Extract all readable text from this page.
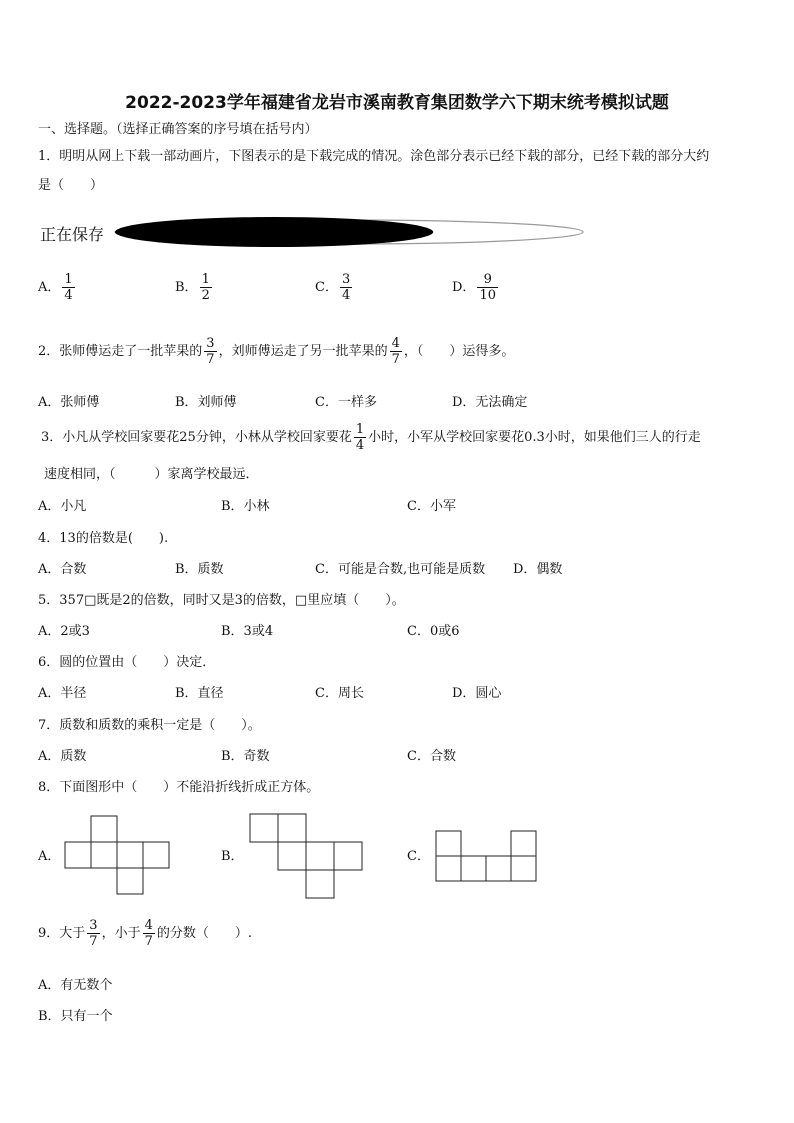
2022-2023学年福建省龙岩市溪南教育集团数学六下期末统考模拟试题
一、选择题。（选择正确答案的序号填在括号内）
1．明明从网上下载一部动画片，下图表示的是下载完成的情况。涂色部分表示已经下载的部分，已经下载的部分大约
是（　　）
正在保存
A． $\frac{1}{4}$	B． $\frac{1}{2}$	C． $\frac{3}{4}$	D． $\frac{9}{10}$
2．张师傅运走了一批苹果的 $\frac{3}{7}$ ，刘师傅运走了另一批苹果的 $\frac{4}{7}$ ，（　　）运得多。
A．张师傅	B．刘师傅	C．一样多	D．无法确定
3．小凡从学校回家要花25分钟，小林从学校回家要花 $\frac{1}{4}$ 小时，小军从学校回家要花0.3小时，如果他们三人的行走
速度相同，（　　　）家离学校最远．
A．小凡	B．小林	C．小军
4．13的倍数是(　　).
A．合数	B．质数	C．可能是合数,也可能是质数 D．偶数
5．357□既是2的倍数，同时又是3的倍数，□里应填（　　）。
A．2或3	B．3或4	C．0或6
6．圆的位置由（　　）决定．
A．半径	B．直径	C．周长	D．圆心
7．质数和质数的乘积一定是（　　）。
A．质数	B．奇数	C．合数
8．下面图形中（　　）不能沿折线折成正方体。
A．	B．	C．
9．大于 $\frac{3}{7}$ ，小于 $\frac{4}{7}$ 的分数（　　）.
A．有无数个
B．只有一个
